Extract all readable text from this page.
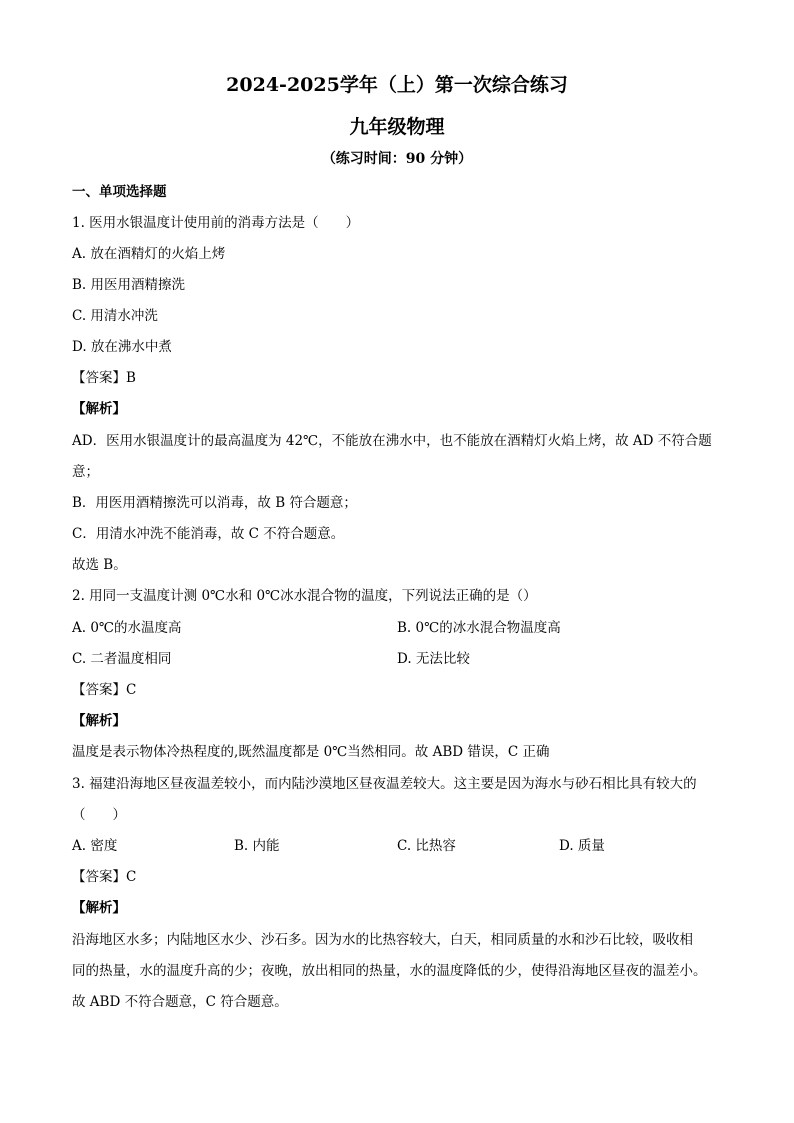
2024-2025学年（上）第一次综合练习
九年级物理
（练习时间：90 分钟）
一、单项选择题
1. 医用水银温度计使用前的消毒方法是（　　）
A. 放在酒精灯的火焰上烤
B. 用医用酒精擦洗
C. 用清水冲洗
D. 放在沸水中煮
【答案】B
【解析】
AD．医用水银温度计的最高温度为 42℃，不能放在沸水中，也不能放在酒精灯火焰上烤，故 AD 不符合题
意；
B．用医用酒精擦洗可以消毒，故 B 符合题意；
C．用清水冲洗不能消毒，故 C 不符合题意。
故选 B。
2. 用同一支温度计测 0℃水和 0℃冰水混合物的温度，下列说法正确的是（）
A. 0℃的水温度高	B. 0℃的冰水混合物温度高
C. 二者温度相同	D. 无法比较
【答案】C
【解析】
温度是表示物体冷热程度的,既然温度都是 0℃当然相同。故 ABD 错误，C 正确
3. 福建沿海地区昼夜温差较小，而内陆沙漠地区昼夜温差较大。这主要是因为海水与砂石相比具有较大的
（　　）
A. 密度	B. 内能	C. 比热容	D. 质量
【答案】C
【解析】
沿海地区水多；内陆地区水少、沙石多。因为水的比热容较大，白天，相同质量的水和沙石比较，吸收相
同的热量，水的温度升高的少；夜晚，放出相同的热量，水的温度降低的少，使得沿海地区昼夜的温差小。
故 ABD 不符合题意，C 符合题意。
